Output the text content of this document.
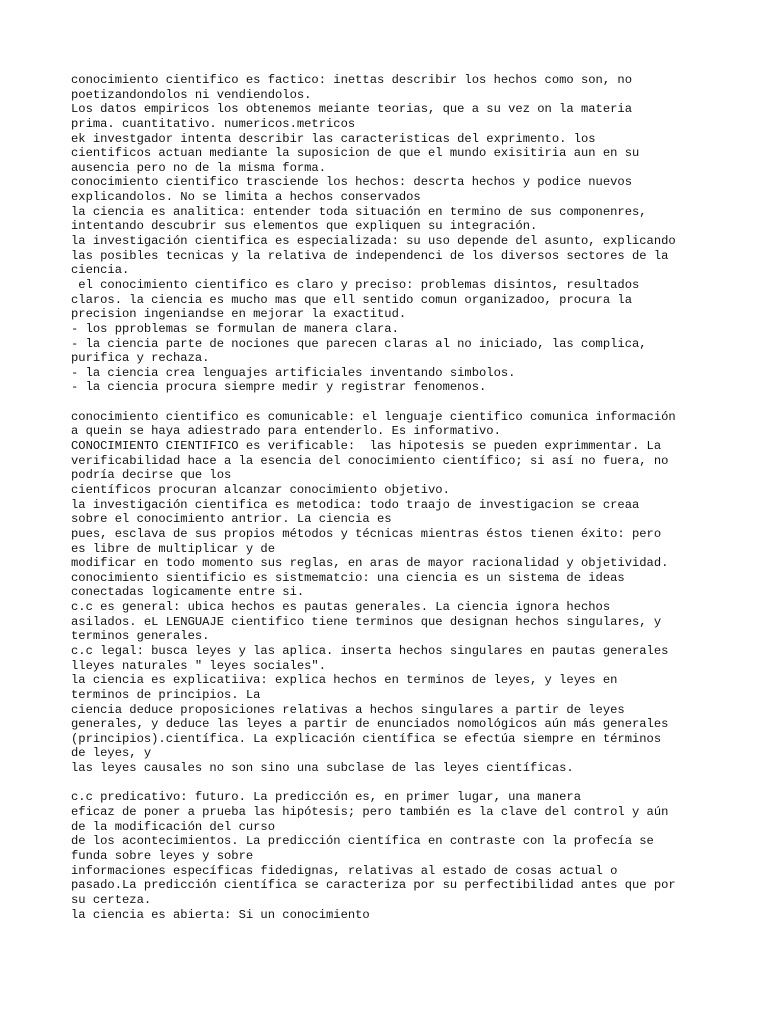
conocimiento cientifico es factico: inettas describir los hechos como son, no
poetizandondolos ni vendiendolos.
Los datos empiricos los obtenemos meiante teorias, que a su vez on la materia
prima. cuantitativo. numericos.metricos
ek investgador intenta describir las caracteristicas del exprimento. los
cientificos actuan mediante la suposicion de que el mundo exisitiria aun en su
ausencia pero no de la misma forma.
conocimiento cientifico trasciende los hechos: descrta hechos y podice nuevos
explicandolos. No se limita a hechos conservados
la ciencia es analitica: entender toda situación en termino de sus componenres,
intentando descubrir sus elementos que expliquen su integración.
la investigación cientifica es especializada: su uso depende del asunto, explicando
las posibles tecnicas y la relativa de independenci de los diversos sectores de la
ciencia.
el conocimiento cientifico es claro y preciso: problemas disintos, resultados
claros. la ciencia es mucho mas que ell sentido comun organizadoo, procura la
precision ingeniandse en mejorar la exactitud.
- los pproblemas se formulan de manera clara.
- la ciencia parte de nociones que parecen claras al no iniciado, las complica,
purifica y rechaza.
- la ciencia crea lenguajes artificiales inventando simbolos.
- la ciencia procura siempre medir y registrar fenomenos.
conocimiento cientifico es comunicable: el lenguaje cientifico comunica información
a quein se haya adiestrado para entenderlo. Es informativo.
CONOCIMIENTO CIENTIFICO es verificable:  las hipotesis se pueden exprimmentar. La
verificabilidad hace a la esencia del conocimiento científico; si así no fuera, no
podría decirse que los
científicos procuran alcanzar conocimiento objetivo.
la investigación cientifica es metodica: todo traajo de investigacion se creaa
sobre el conocimiento antrior. La ciencia es
pues, esclava de sus propios métodos y técnicas mientras éstos tienen éxito: pero
es libre de multiplicar y de
modificar en todo momento sus reglas, en aras de mayor racionalidad y objetividad.
conocimiento sientificio es sistmematcio: una ciencia es un sistema de ideas
conectadas logicamente entre si.
c.c es general: ubica hechos es pautas generales. La ciencia ignora hechos
asilados. eL LENGUAJE cientifico tiene terminos que designan hechos singulares, y
terminos generales.
c.c legal: busca leyes y las aplica. inserta hechos singulares en pautas generales
lleyes naturales " leyes sociales".
la ciencia es explicatiiva: explica hechos en terminos de leyes, y leyes en
terminos de principios. La
ciencia deduce proposiciones relativas a hechos singulares a partir de leyes
generales, y deduce las leyes a partir de enunciados nomológicos aún más generales
(principios).científica. La explicación científica se efectúa siempre en términos
de leyes, y
las leyes causales no son sino una subclase de las leyes científicas.
c.c predicativo: futuro. La predicción es, en primer lugar, una manera
eficaz de poner a prueba las hipótesis; pero también es la clave del control y aún
de la modificación del curso
de los acontecimientos. La predicción científica en contraste con la profecía se
funda sobre leyes y sobre
informaciones específicas fidedignas, relativas al estado de cosas actual o
pasado.La predicción científica se caracteriza por su perfectibilidad antes que por
su certeza.
la ciencia es abierta: Si un conocimiento
